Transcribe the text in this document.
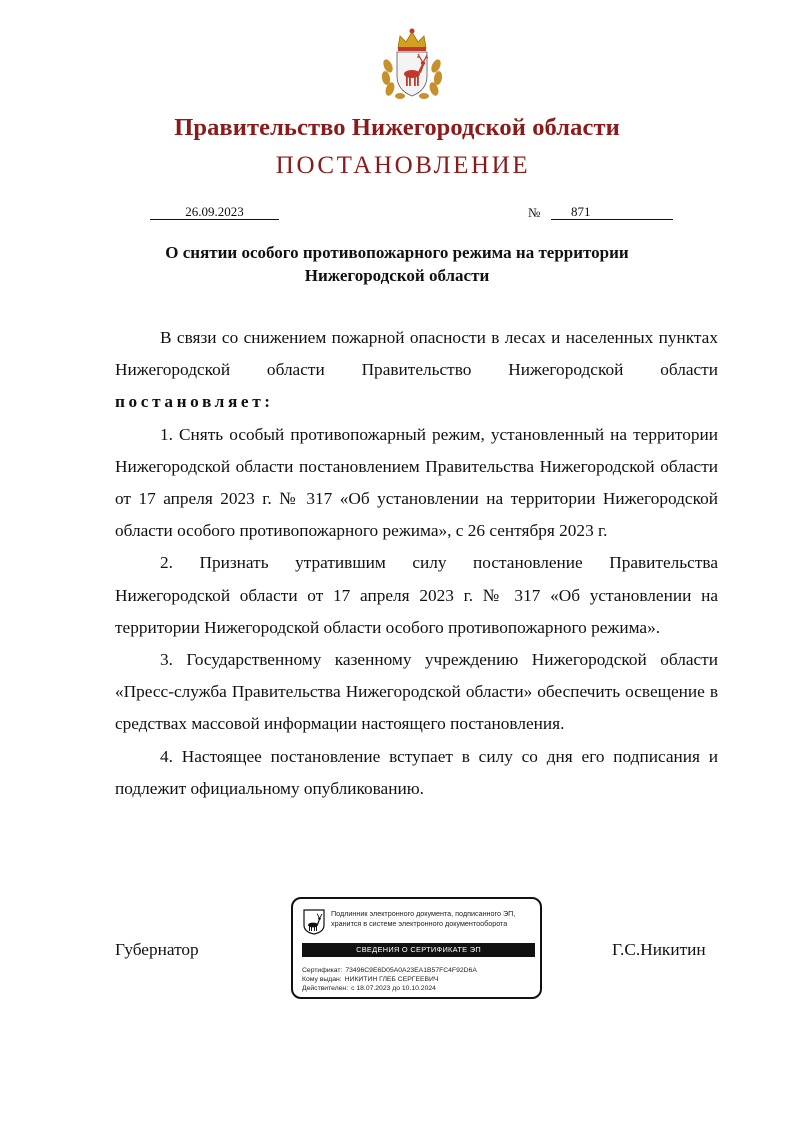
Правительство Нижегородской области
ПОСТАНОВЛЕНИЕ
26.09.2023	№ 871
О снятии особого противопожарного режима на территории
Нижегородской области

В связи со снижением пожарной опасности в лесах и населенных пунктах Нижегородской области Правительство Нижегородской области постановляет:

1. Снять особый противопожарный режим, установленный на территории Нижегородской области постановлением Правительства Нижегородской области от 17 апреля 2023 г. № 317 «Об установлении на территории Нижегородской области особого противопожарного режима», с 26 сентября 2023 г.

2. Признать утратившим силу постановление Правительства Нижегородской области от 17 апреля 2023 г. № 317 «Об установлении на территории Нижегородской области особого противопожарного режима».

3. Государственному казенному учреждению Нижегородской области «Пресс-служба Правительства Нижегородской области» обеспечить освещение в средствах массовой информации настоящего постановления.

4. Настоящее постановление вступает в силу со дня его подписания и подлежит официальному опубликованию.

Губернатор	Г.С.Никитин
Подлинник электронного документа, подписанного ЭП,
хранится в системе электронного документооборота
СВЕДЕНИЯ О СЕРТИФИКАТЕ ЭП
Сертификат: 73496C9E6D05A0A23EA1B57FC4F92D6A
Кому выдан: НИКИТИН ГЛЕБ СЕРГЕЕВИЧ
Действителен: с 18.07.2023 до 10.10.2024
